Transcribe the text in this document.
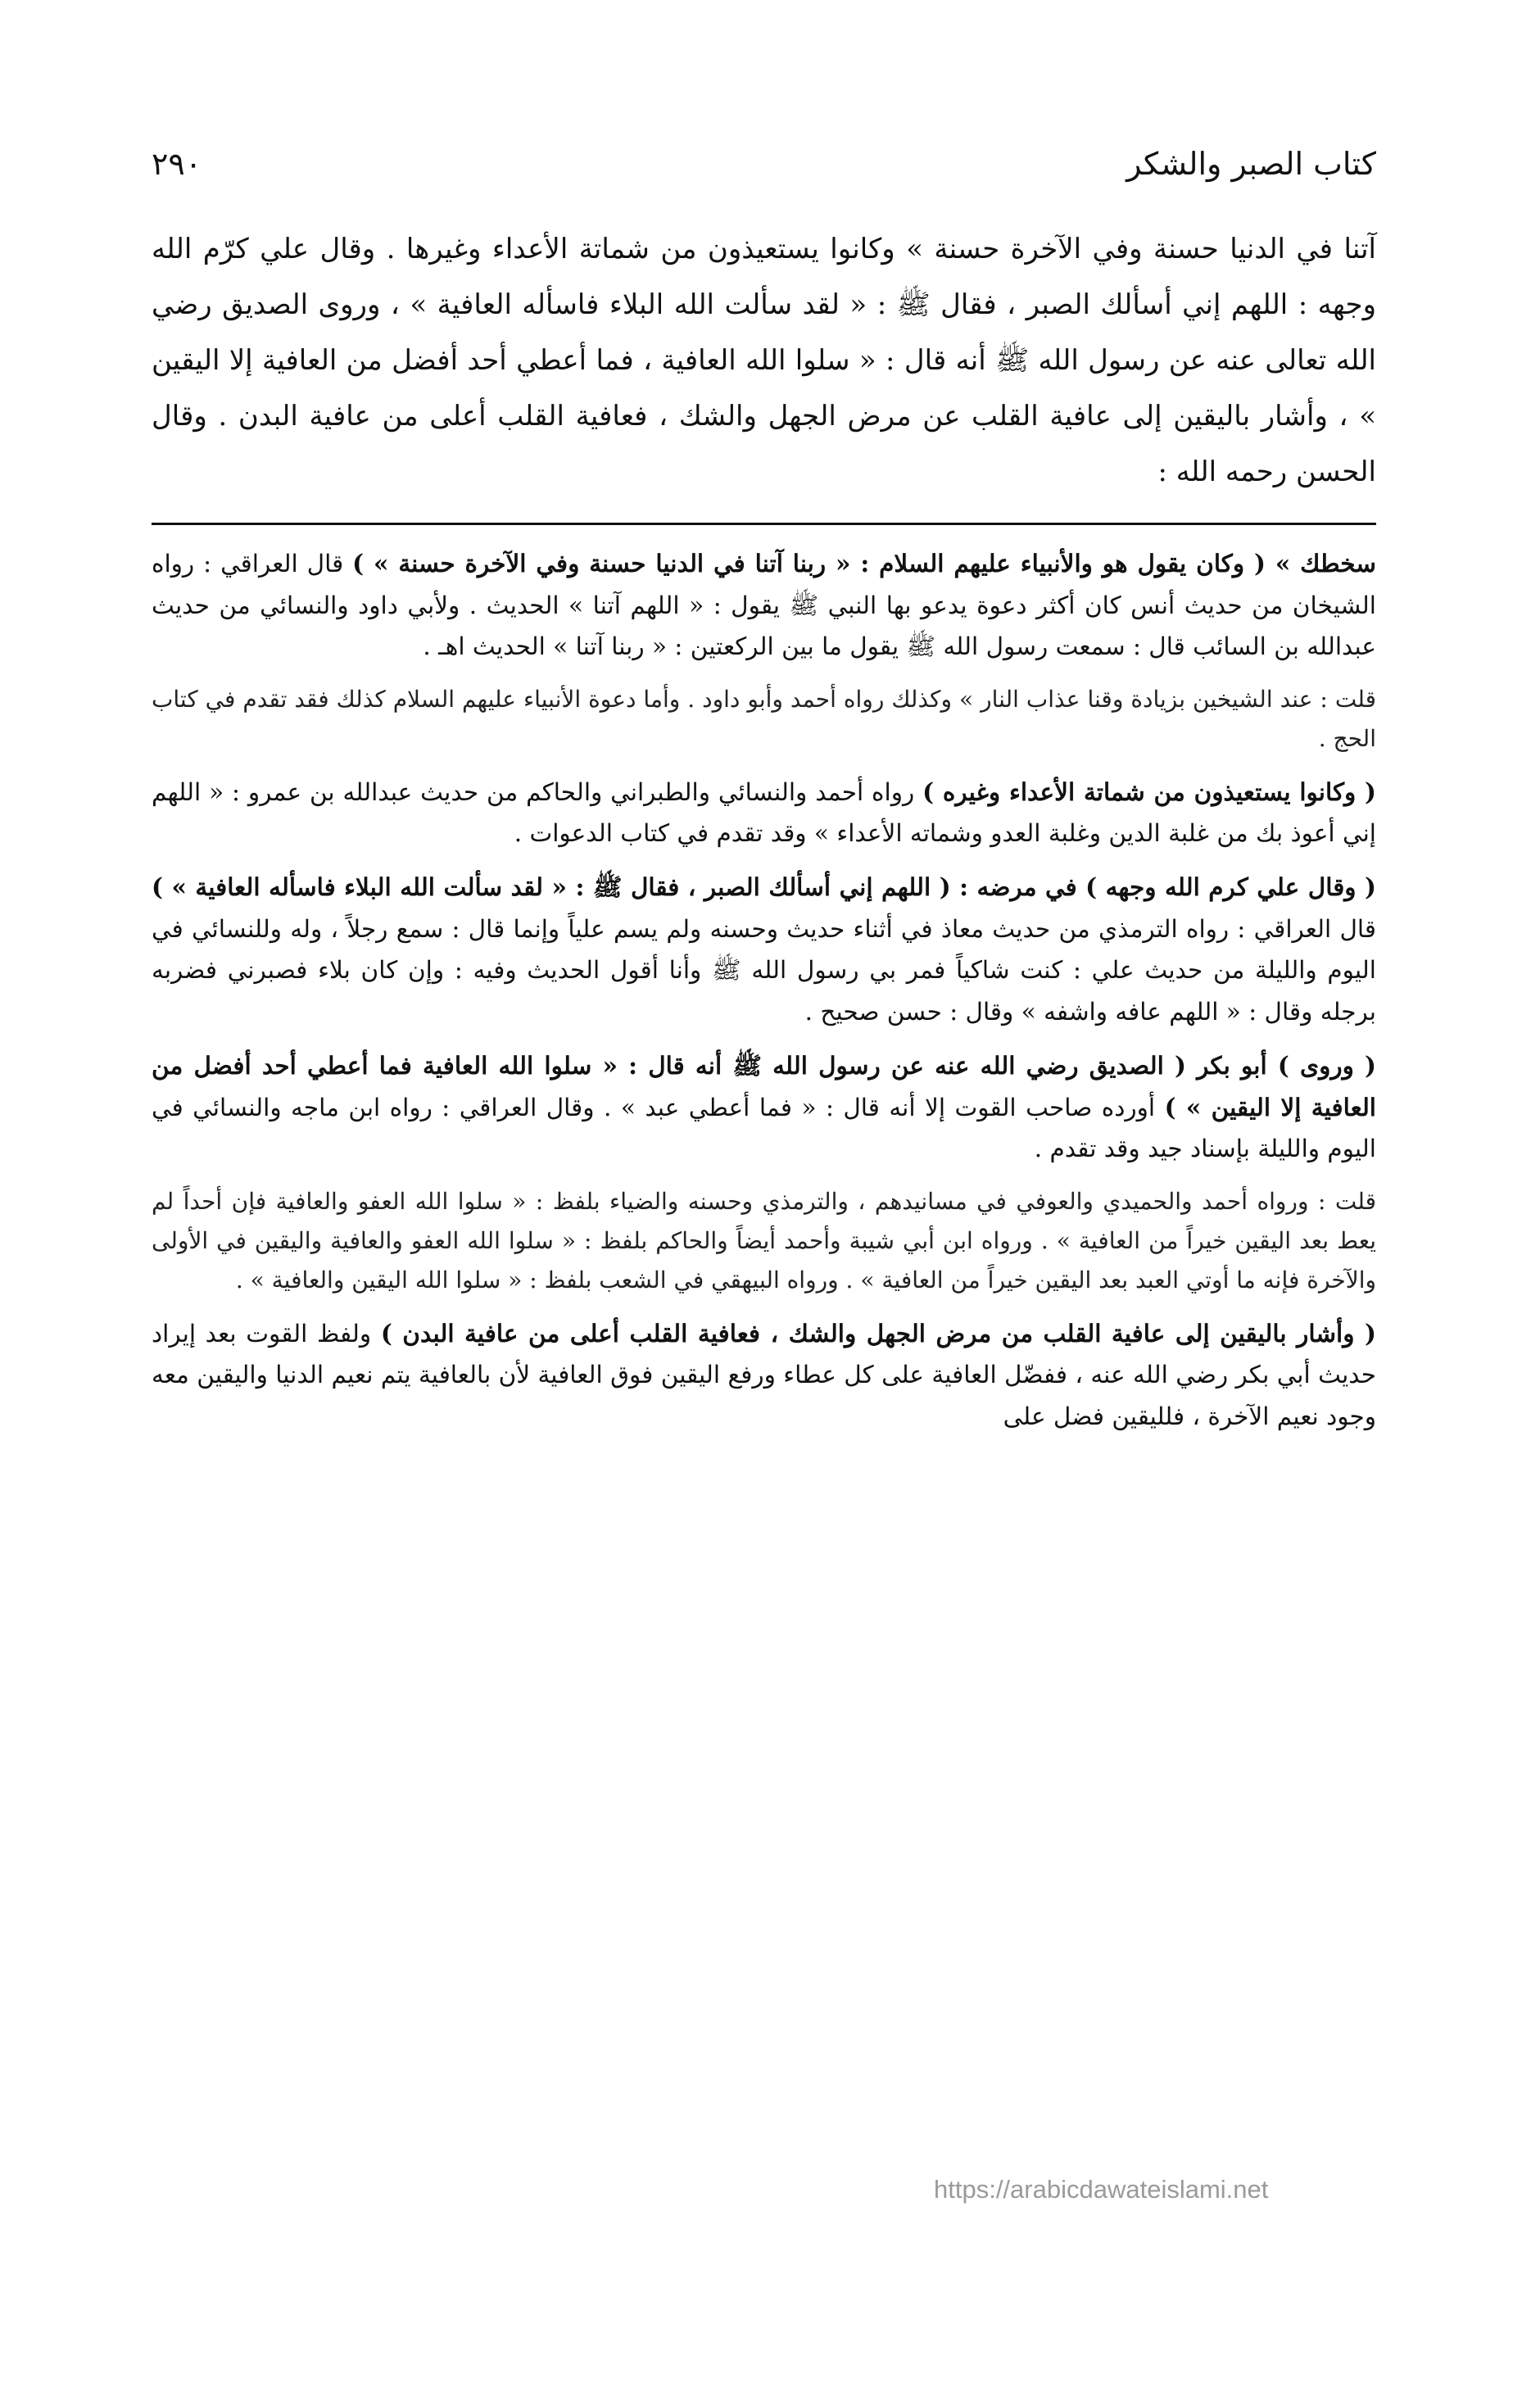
كتاب الصبر والشكر
٢٩٠

آتنا في الدنيا حسنة وفي الآخرة حسنة » وكانوا يستعيذون من شماتة الأعداء وغيرها . وقال علي كرّم الله وجهه : اللهم إني أسألك الصبر ، فقال ﷺ : « لقد سألت الله البلاء فاسأله العافية » ، وروى الصديق رضي الله تعالى عنه عن رسول الله ﷺ أنه قال : « سلوا الله العافية ، فما أعطي أحد أفضل من العافية إلا اليقين » ، وأشار باليقين إلى عافية القلب عن مرض الجهل والشك ، فعافية القلب أعلى من عافية البدن . وقال الحسن رحمه الله :

سخطك » ( وكان يقول هو والأنبياء عليهم السلام : « ربنا آتنا في الدنيا حسنة وفي الآخرة حسنة » ) قال العراقي : رواه الشيخان من حديث أنس كان أكثر دعوة يدعو بها النبي ﷺ يقول : « اللهم آتنا » الحديث . ولأبي داود والنسائي من حديث عبدالله بن السائب قال : سمعت رسول الله ﷺ يقول ما بين الركعتين : « ربنا آتنا » الحديث اهـ .

قلت : عند الشيخين بزيادة وقنا عذاب النار » وكذلك رواه أحمد وأبو داود . وأما دعوة الأنبياء عليهم السلام كذلك فقد تقدم في كتاب الحج .

( وكانوا يستعيذون من شماتة الأعداء وغيره ) رواه أحمد والنسائي والطبراني والحاكم من حديث عبدالله بن عمرو : « اللهم إني أعوذ بك من غلبة الدين وغلبة العدو وشماته الأعداء » وقد تقدم في كتاب الدعوات .

( وقال علي كرم الله وجهه ) في مرضه : ( اللهم إني أسألك الصبر ، فقال ﷺ : « لقد سألت الله البلاء فاسأله العافية » ) قال العراقي : رواه الترمذي من حديث معاذ في أثناء حديث وحسنه ولم يسم علياً وإنما قال : سمع رجلاً ، وله وللنسائي في اليوم والليلة من حديث علي : كنت شاكياً فمر بي رسول الله ﷺ وأنا أقول الحديث وفيه : وإن كان بلاء فصبرني فضربه برجله وقال : « اللهم عافه واشفه » وقال : حسن صحيح .

( وروى ) أبو بكر ( الصديق رضي الله عنه عن رسول الله ﷺ أنه قال : « سلوا الله العافية فما أعطي أحد أفضل من العافية إلا اليقين » ) أورده صاحب القوت إلا أنه قال : « فما أعطي عبد » . وقال العراقي : رواه ابن ماجه والنسائي في اليوم والليلة بإسناد جيد وقد تقدم .

قلت : ورواه أحمد والحميدي والعوفي في مسانيدهم ، والترمذي وحسنه والضياء بلفظ : « سلوا الله العفو والعافية فإن أحداً لم يعط بعد اليقين خيراً من العافية » . ورواه ابن أبي شيبة وأحمد أيضاً والحاكم بلفظ : « سلوا الله العفو والعافية واليقين في الأولى والآخرة فإنه ما أوتي العبد بعد اليقين خيراً من العافية » . ورواه البيهقي في الشعب بلفظ : « سلوا الله اليقين والعافية » .

( وأشار باليقين إلى عافية القلب من مرض الجهل والشك ، فعافية القلب أعلى من عافية البدن ) ولفظ القوت بعد إيراد حديث أبي بكر رضي الله عنه ، ففضّل العافية على كل عطاء ورفع اليقين فوق العافية لأن بالعافية يتم نعيم الدنيا واليقين معه وجود نعيم الآخرة ، فلليقين فضل على

https://arabicdawateislami.net
